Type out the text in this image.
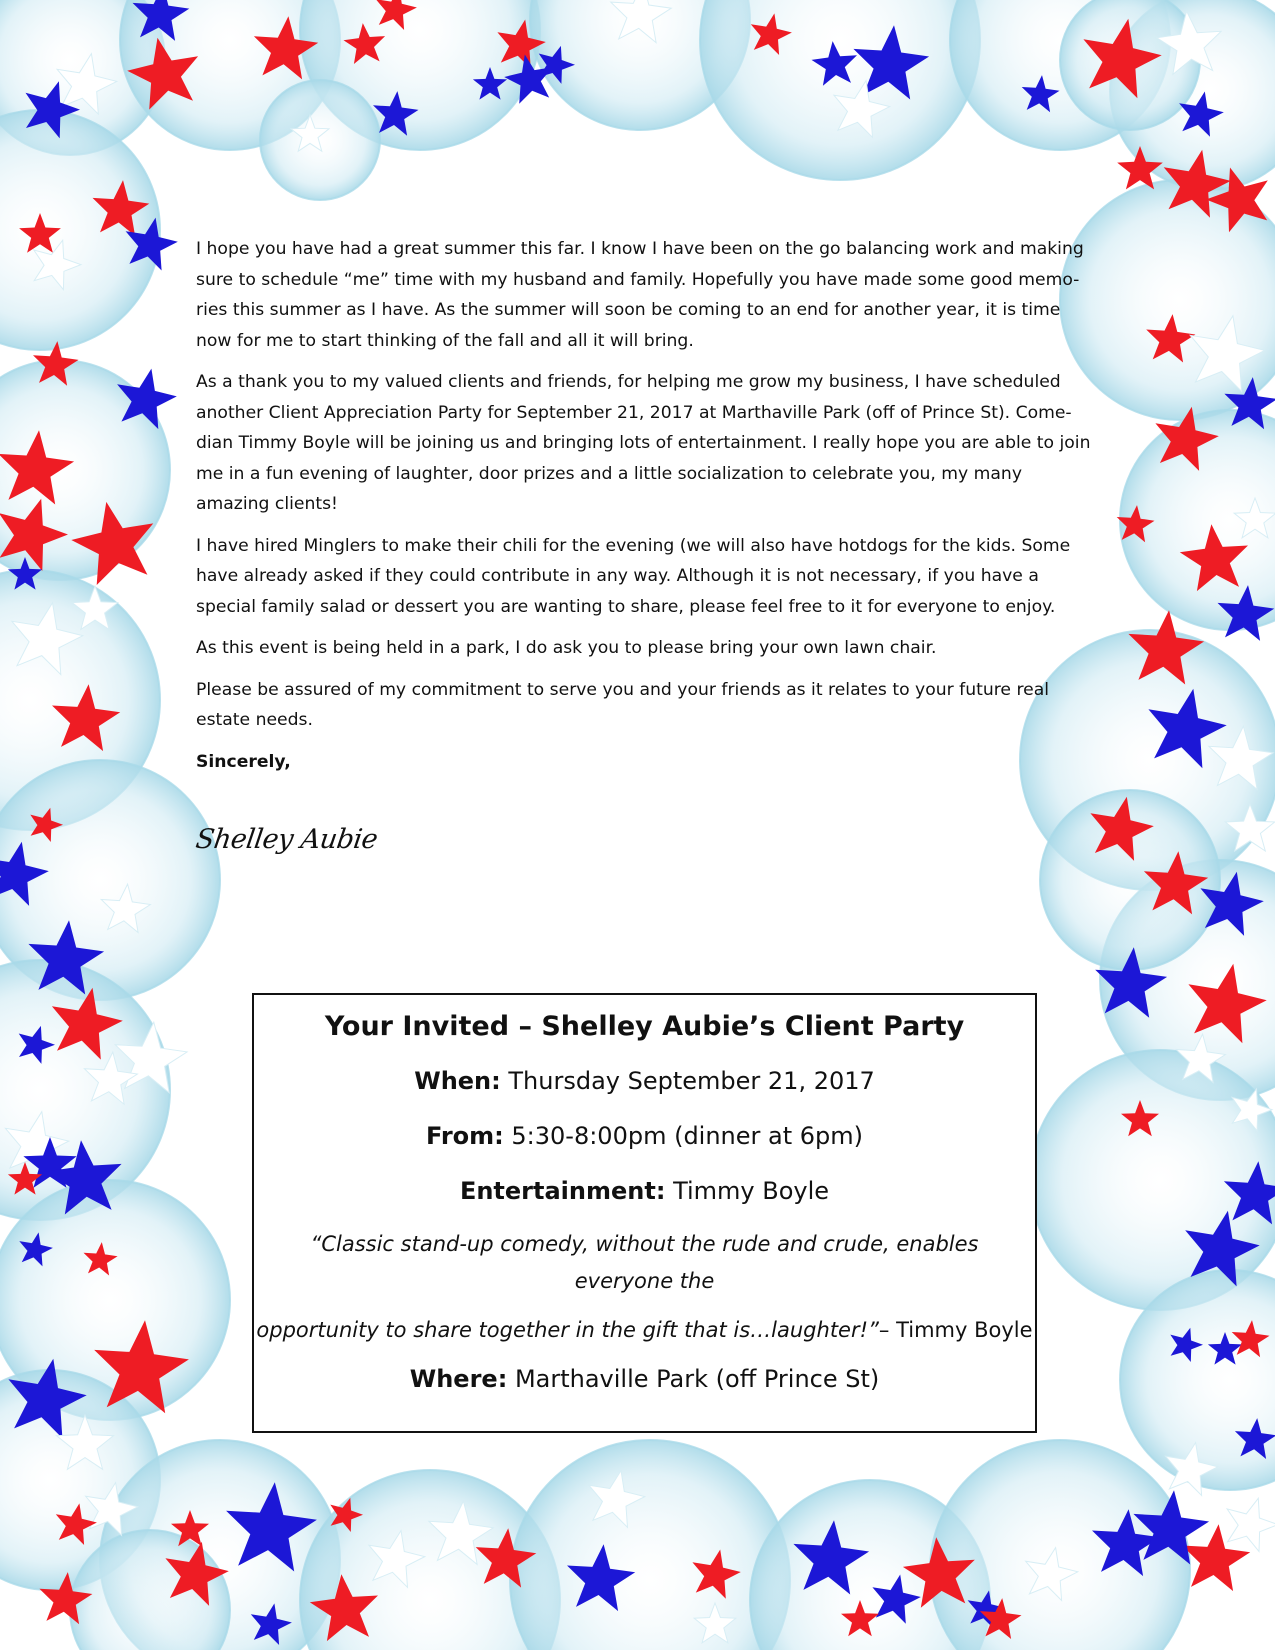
I hope you have had a great summer this far. I know I have been on the go balancing work and making sure to schedule “me” time with my husband and family. Hopefully you have made some good memo-ries this summer as I have. As the summer will soon be coming to an end for another year, it is time now for me to start thinking of the fall and all it will bring.

As a thank you to my valued clients and friends, for helping me grow my business, I have scheduled another Client Appreciation Party for September 21, 2017 at Marthaville Park (off of Prince St). Come-dian Timmy Boyle will be joining us and bringing lots of entertainment. I really hope you are able to join me in a fun evening of laughter, door prizes and a little socialization to celebrate you, my many amazing clients!

I have hired Minglers to make their chili for the evening (we will also have hotdogs for the kids. Some have already asked if they could contribute in any way. Although it is not necessary, if you have a special family salad or dessert you are wanting to share, please feel free to it for everyone to enjoy.

As this event is being held in a park, I do ask you to please bring your own lawn chair.

Please be assured of my commitment to serve you and your friends as it relates to your future real estate needs.

Sincerely,

Shelley Aubie
Your Invited – Shelley Aubie’s Client Party
When: Thursday September 21, 2017
From: 5:30-8:00pm (dinner at 6pm)
Entertainment: Timmy Boyle
“Classic stand-up comedy, without the rude and crude, enables everyone the
opportunity to share together in the gift that is…laughter!”– Timmy Boyle
Where: Marthaville Park (off Prince St)
